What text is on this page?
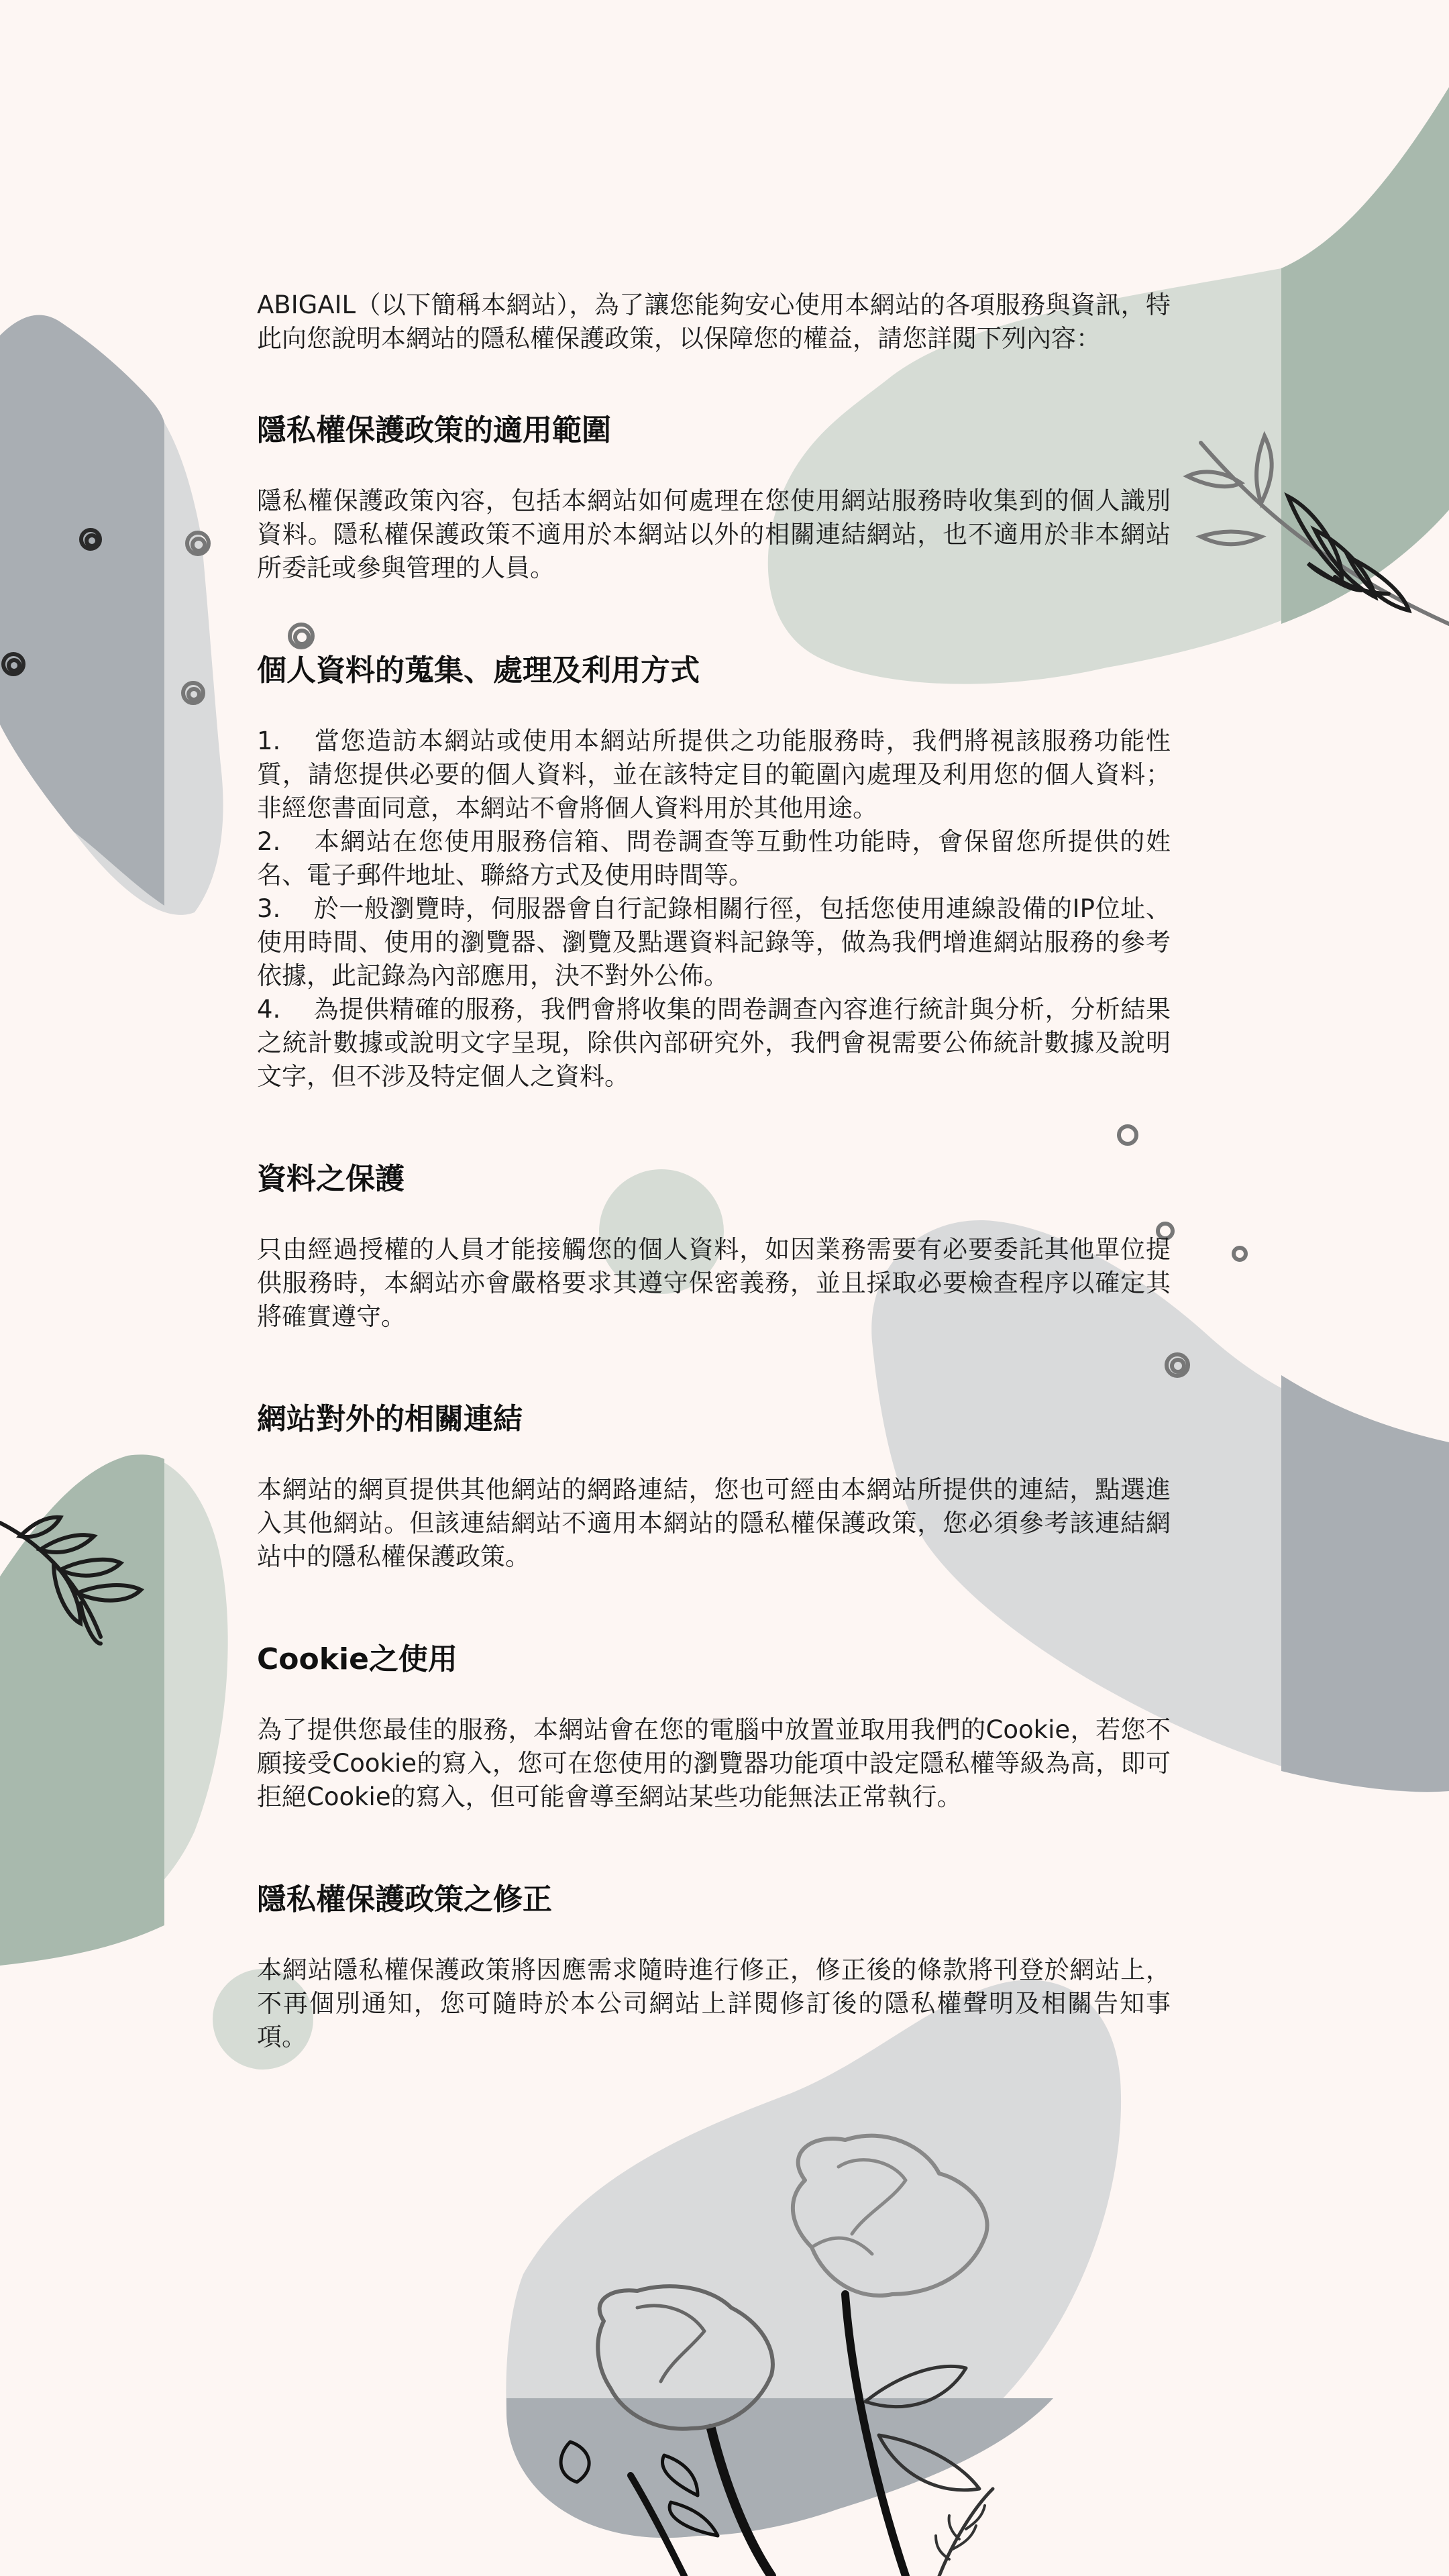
ABIGAIL（以下簡稱本網站），為了讓您能夠安心使用本網站的各項服務與資訊，特此向您說明本網站的隱私權保護政策，以保障您的權益，請您詳閱下列內容：

隱私權保護政策的適用範圍

隱私權保護政策內容，包括本網站如何處理在您使用網站服務時收集到的個人識別資料。隱私權保護政策不適用於本網站以外的相關連結網站，也不適用於非本網站所委託或參與管理的人員。

個人資料的蒐集、處理及利用方式

1. 當您造訪本網站或使用本網站所提供之功能服務時，我們將視該服務功能性質，請您提供必要的個人資料，並在該特定目的範圍內處理及利用您的個人資料；非經您書面同意，本網站不會將個人資料用於其他用途。

2. 本網站在您使用服務信箱、問卷調查等互動性功能時，會保留您所提供的姓名、電子郵件地址、聯絡方式及使用時間等。

3. 於一般瀏覽時，伺服器會自行記錄相關行徑，包括您使用連線設備的IP位址、使用時間、使用的瀏覽器、瀏覽及點選資料記錄等，做為我們增進網站服務的參考依據，此記錄為內部應用，決不對外公佈。

4. 為提供精確的服務，我們會將收集的問卷調查內容進行統計與分析，分析結果之統計數據或說明文字呈現，除供內部研究外，我們會視需要公佈統計數據及說明文字，但不涉及特定個人之資料。

資料之保護

只由經過授權的人員才能接觸您的個人資料，如因業務需要有必要委託其他單位提供服務時，本網站亦會嚴格要求其遵守保密義務，並且採取必要檢查程序以確定其將確實遵守。

網站對外的相關連結

本網站的網頁提供其他網站的網路連結，您也可經由本網站所提供的連結，點選進入其他網站。但該連結網站不適用本網站的隱私權保護政策，您必須參考該連結網站中的隱私權保護政策。

Cookie之使用

為了提供您最佳的服務，本網站會在您的電腦中放置並取用我們的Cookie，若您不願接受Cookie的寫入，您可在您使用的瀏覽器功能項中設定隱私權等級為高，即可拒絕Cookie的寫入，但可能會導至網站某些功能無法正常執行。

隱私權保護政策之修正

本網站隱私權保護政策將因應需求隨時進行修正，修正後的條款將刊登於網站上，不再個別通知，您可隨時於本公司網站上詳閱修訂後的隱私權聲明及相關告知事項。
